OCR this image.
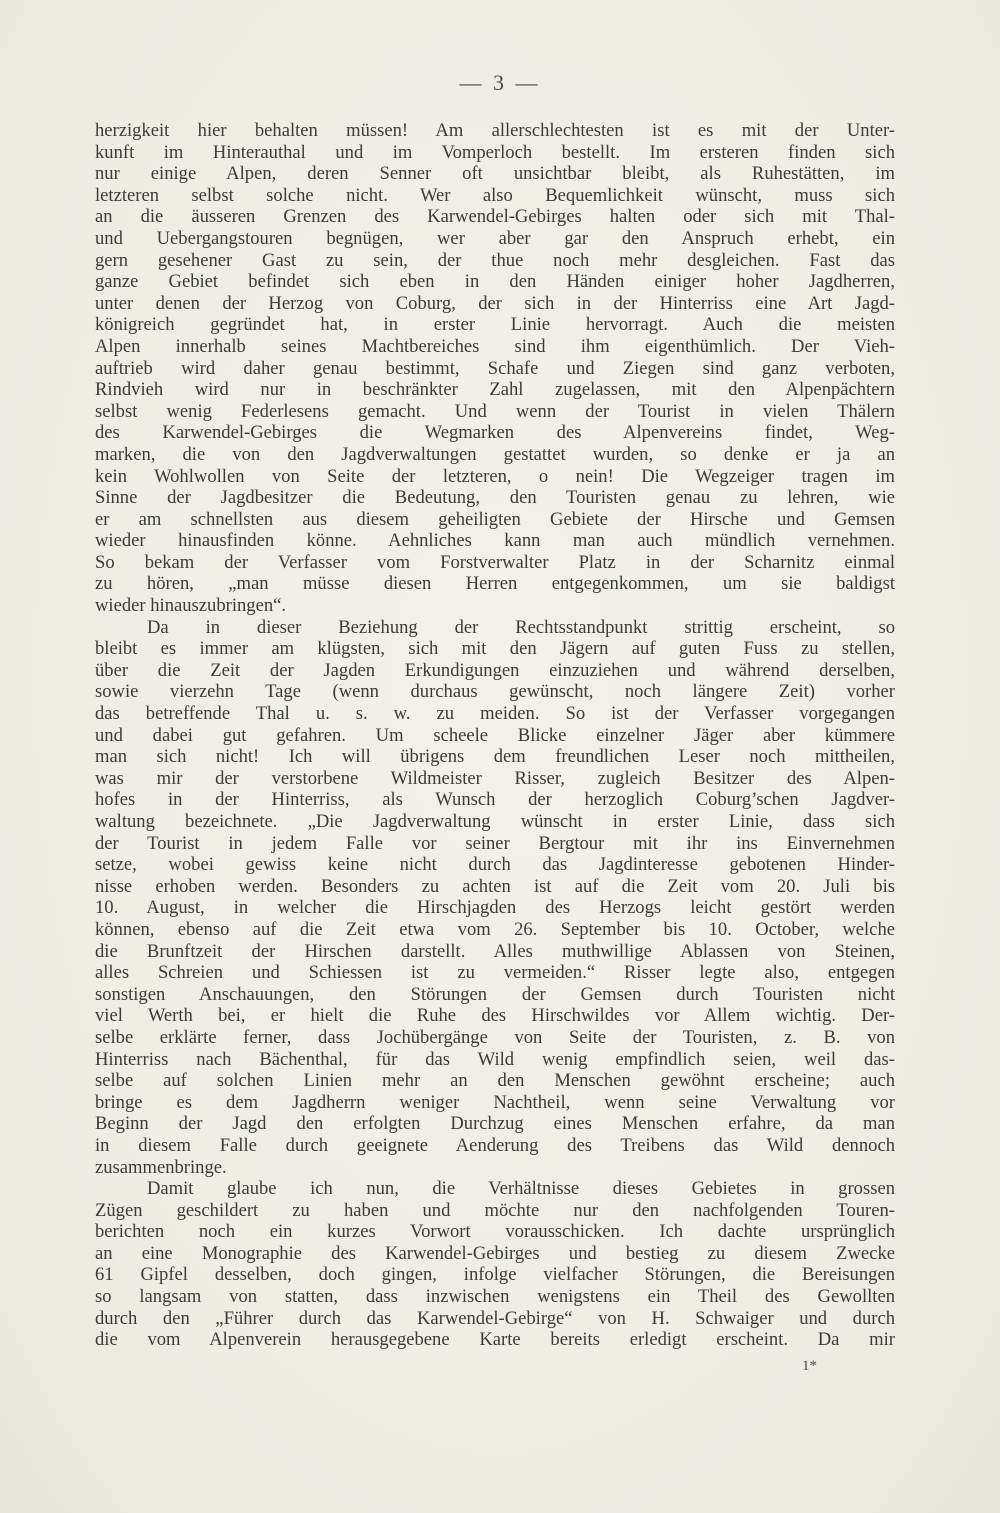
— 3 —

herzigkeit hier behalten müssen! Am allerschlechtesten ist es mit der Unter-

kunft im Hinterauthal und im Vomperloch bestellt. Im ersteren finden sich

nur einige Alpen, deren Senner oft unsichtbar bleibt, als Ruhestätten, im

letzteren selbst solche nicht. Wer also Bequemlichkeit wünscht, muss sich

an die äusseren Grenzen des Karwendel-Gebirges halten oder sich mit Thal-

und Uebergangstouren begnügen, wer aber gar den Anspruch erhebt, ein

gern gesehener Gast zu sein, der thue noch mehr desgleichen. Fast das

ganze Gebiet befindet sich eben in den Händen einiger hoher Jagdherren,

unter denen der Herzog von Coburg, der sich in der Hinterriss eine Art Jagd-

königreich gegründet hat, in erster Linie hervorragt. Auch die meisten

Alpen innerhalb seines Machtbereiches sind ihm eigenthümlich. Der Vieh-

auftrieb wird daher genau bestimmt, Schafe und Ziegen sind ganz verboten,

Rindvieh wird nur in beschränkter Zahl zugelassen, mit den Alpenpächtern

selbst wenig Federlesens gemacht. Und wenn der Tourist in vielen Thälern

des Karwendel-Gebirges die Wegmarken des Alpenvereins findet, Weg-

marken, die von den Jagdverwaltungen gestattet wurden, so denke er ja an

kein Wohlwollen von Seite der letzteren, o nein! Die Wegzeiger tragen im

Sinne der Jagdbesitzer die Bedeutung, den Touristen genau zu lehren, wie

er am schnellsten aus diesem geheiligten Gebiete der Hirsche und Gemsen

wieder hinausfinden könne. Aehnliches kann man auch mündlich vernehmen.

So bekam der Verfasser vom Forstverwalter Platz in der Scharnitz einmal

zu hören, „man müsse diesen Herren entgegenkommen, um sie baldigst

wieder hinauszubringen“.

Da in dieser Beziehung der Rechtsstandpunkt strittig erscheint, so

bleibt es immer am klügsten, sich mit den Jägern auf guten Fuss zu stellen,

über die Zeit der Jagden Erkundigungen einzuziehen und während derselben,

sowie vierzehn Tage (wenn durchaus gewünscht, noch längere Zeit) vorher

das betreffende Thal u. s. w. zu meiden. So ist der Verfasser vorgegangen

und dabei gut gefahren. Um scheele Blicke einzelner Jäger aber kümmere

man sich nicht! Ich will übrigens dem freundlichen Leser noch mittheilen,

was mir der verstorbene Wildmeister Risser, zugleich Besitzer des Alpen-

hofes in der Hinterriss, als Wunsch der herzoglich Coburg’schen Jagdver-

waltung bezeichnete. „Die Jagdverwaltung wünscht in erster Linie, dass sich

der Tourist in jedem Falle vor seiner Bergtour mit ihr ins Einvernehmen

setze, wobei gewiss keine nicht durch das Jagdinteresse gebotenen Hinder-

nisse erhoben werden. Besonders zu achten ist auf die Zeit vom 20. Juli bis

10. August, in welcher die Hirschjagden des Herzogs leicht gestört werden

können, ebenso auf die Zeit etwa vom 26. September bis 10. October, welche

die Brunftzeit der Hirschen darstellt. Alles muthwillige Ablassen von Steinen,

alles Schreien und Schiessen ist zu vermeiden.“ Risser legte also, entgegen

sonstigen Anschauungen, den Störungen der Gemsen durch Touristen nicht

viel Werth bei, er hielt die Ruhe des Hirschwildes vor Allem wichtig. Der-

selbe erklärte ferner, dass Jochübergänge von Seite der Touristen, z. B. von

Hinterriss nach Bächenthal, für das Wild wenig empfindlich seien, weil das-

selbe auf solchen Linien mehr an den Menschen gewöhnt erscheine; auch

bringe es dem Jagdherrn weniger Nachtheil, wenn seine Verwaltung vor

Beginn der Jagd den erfolgten Durchzug eines Menschen erfahre, da man

in diesem Falle durch geeignete Aenderung des Treibens das Wild dennoch

zusammenbringe.

Damit glaube ich nun, die Verhältnisse dieses Gebietes in grossen

Zügen geschildert zu haben und möchte nur den nachfolgenden Touren-

berichten noch ein kurzes Vorwort vorausschicken. Ich dachte ursprünglich

an eine Monographie des Karwendel-Gebirges und bestieg zu diesem Zwecke

61 Gipfel desselben, doch gingen, infolge vielfacher Störungen, die Bereisungen

so langsam von statten, dass inzwischen wenigstens ein Theil des Gewollten

durch den „Führer durch das Karwendel-Gebirge“ von H. Schwaiger und durch

die vom Alpenverein herausgegebene Karte bereits erledigt erscheint. Da mir

1*
